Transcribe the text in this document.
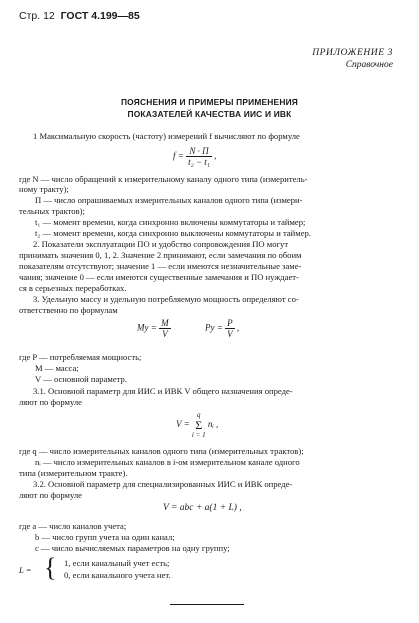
Стр. 12 ГОСТ 4.199—85
ПРИЛОЖЕНИЕ 3
Справочное
ПОЯСНЕНИЯ И ПРИМЕРЫ ПРИМЕНЕНИЯ
ПОКАЗАТЕЛЕЙ КАЧЕСТВА ИИС И ИВК
1 Максимальную скорость (частоту) измерений f вычисляют по формуле
$f = \frac{N \cdot П}{\text{t₂ − t₁}}$ ,
где N — число обращений к измерительному каналу одного типа (измеритель-
ному тракту);
П — число опрашиваемых измерительных каналов одного типа (измери-
тельных трактов);
t₁ — момент времени, когда синхронно включены коммутаторы и таймер;
t₂ — момент времени, когда синхронно выключены коммутаторы и таймер.
2. Показатели эксплуатации ПО и удобство сопровождения ПО могут
принимать значения 0, 1, 2. Значение 2 принимают, если замечания по обоим
показателям отсутствуют; значение 1 — если имеются незначительные заме-
чания; значение 0 — если имеются существенные замечания и ПО нуждает-
ся в серьезных переработках.
3. Удельную массу и удельную потребляемую мощность определяют со-
ответственно по формулам
Mу = $\frac{M}{V}$	Pу = $\frac{P}{V}$ ,
где P — потребляемая мощность;
M — масса;
V — основной параметр.
3.1. Основной параметр для ИИС и ИВК V общего назначения опреде-
ляют по формуле
V =
q
Σ
i = 1
nᵢ ,
где q — число измерительных каналов одного типа (измерительных трактов);
nᵢ — число измерительных каналов в i-ом измерительном канале одного
типа (измерительном тракте).
3.2. Основной параметр для специализированных ИИС и ИВК опреде-
ляют по формуле
V = abc + a(1 + L) ,
где a — число каналов учета;
b — число групп учета на один канал;
c — число вычисляемых параметров на одну группу;
L = { 1, если канальный учет есть;
0, если канального учета нет.
